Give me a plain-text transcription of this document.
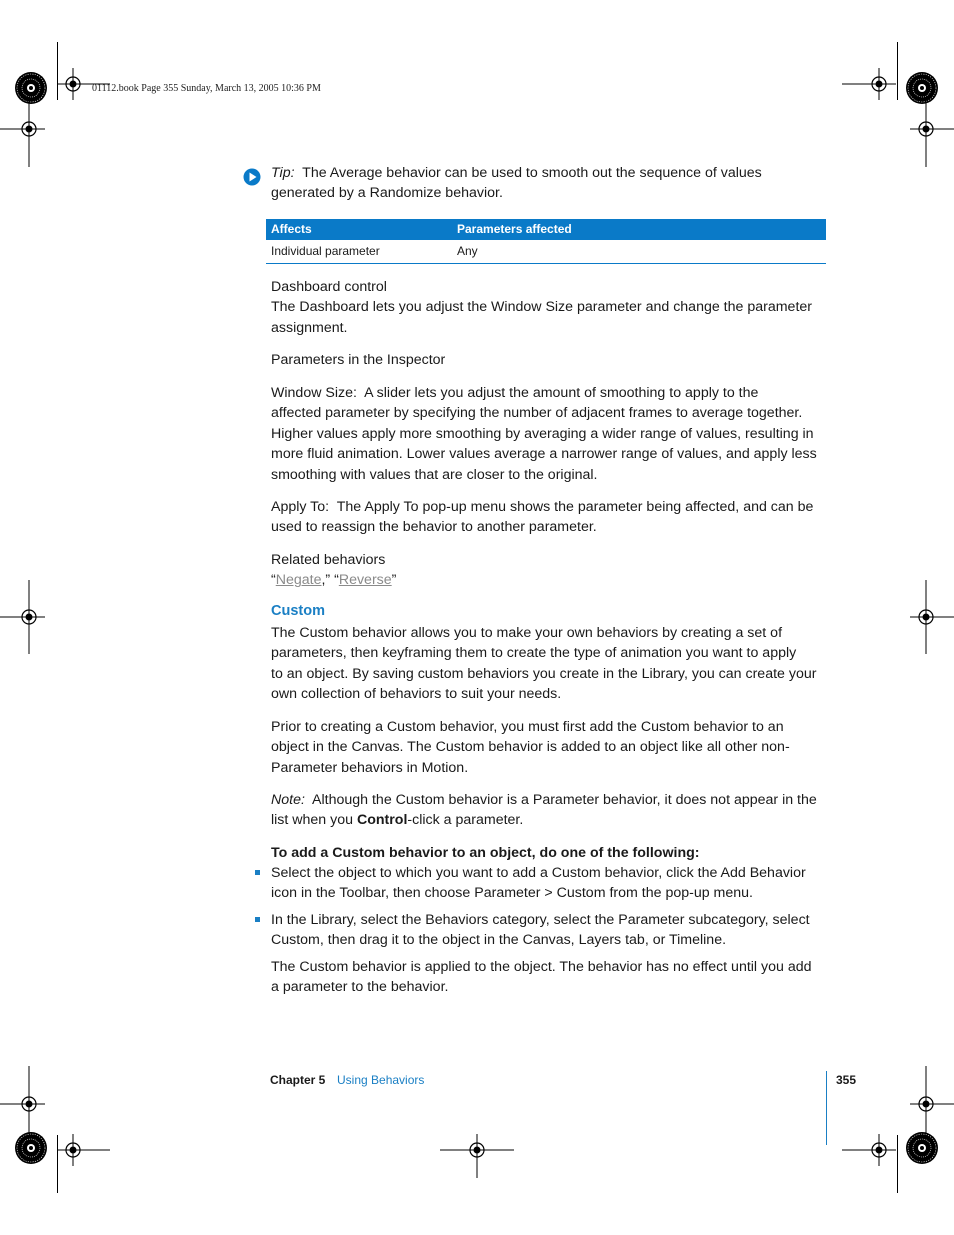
01112.book Page 355 Sunday, March 13, 2005 10:36 PM
Tip: The Average behavior can be used to smooth out the sequence of values
generated by a Randomize behavior.
Affects	Parameters affected
Individual parameter	Any
Dashboard control
The Dashboard lets you adjust the Window Size parameter and change the parameter
assignment.
Parameters in the Inspector
Window Size: A slider lets you adjust the amount of smoothing to apply to the
affected parameter by specifying the number of adjacent frames to average together.
Higher values apply more smoothing by averaging a wider range of values, resulting in
more fluid animation. Lower values average a narrower range of values, and apply less
smoothing with values that are closer to the original.
Apply To: The Apply To pop-up menu shows the parameter being affected, and can be
used to reassign the behavior to another parameter.
Related behaviors
“Negate,” “Reverse”
Custom
The Custom behavior allows you to make your own behaviors by creating a set of
parameters, then keyframing them to create the type of animation you want to apply
to an object. By saving custom behaviors you create in the Library, you can create your
own collection of behaviors to suit your needs.
Prior to creating a Custom behavior, you must first add the Custom behavior to an
object in the Canvas. The Custom behavior is added to an object like all other non-
Parameter behaviors in Motion.
Note: Although the Custom behavior is a Parameter behavior, it does not appear in the
list when you Control-click a parameter.
To add a Custom behavior to an object, do one of the following:
Select the object to which you want to add a Custom behavior, click the Add Behavior
icon in the Toolbar, then choose Parameter > Custom from the pop-up menu.
In the Library, select the Behaviors category, select the Parameter subcategory, select
Custom, then drag it to the object in the Canvas, Layers tab, or Timeline.
The Custom behavior is applied to the object. The behavior has no effect until you add
a parameter to the behavior.
Chapter 5 Using Behaviors	355
